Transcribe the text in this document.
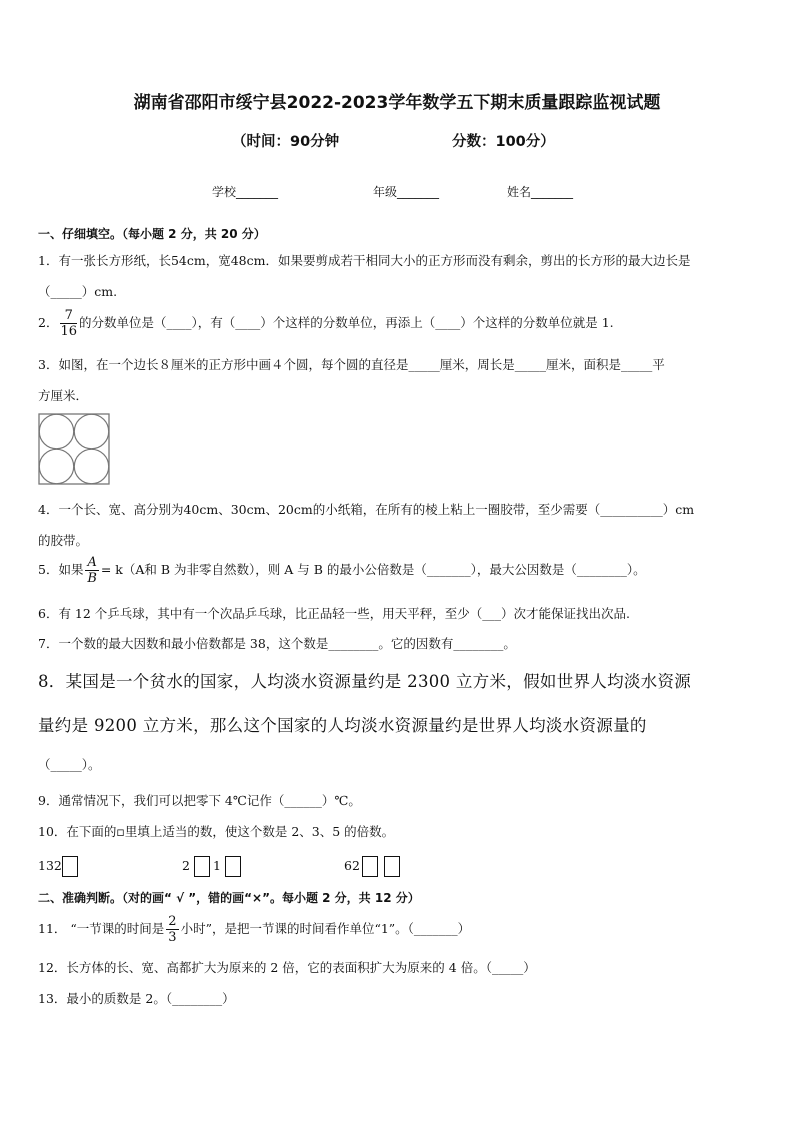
湖南省邵阳市绥宁县2022-2023学年数学五下期末质量跟踪监视试题
（时间：90分钟	分数：100分）
学校_______	年级_______	姓名_______
一、仔细填空。（每小题 2 分，共 20 分）
1．有一张长方形纸，长54cm，宽48cm．如果要剪成若干相同大小的正方形而没有剩余，剪出的长方形的最大边长是
（_____）cm.
2． $\frac{7}{16}$ 的分数单位是（____），有（____）个这样的分数单位，再添上（____）个这样的分数单位就是 1.
3．如图，在一个边长８厘米的正方形中画４个圆，每个圆的直径是_____厘米，周长是_____厘米，面积是_____平
方厘米．
4．一个长、宽、高分别为40cm、30cm、20cm的小纸箱，在所有的棱上粘上一圈胶带，至少需要（__________）cm
的胶带。
5．如果 $\frac{A}{B} = k(A$和 B 为非零自然数），则 A 与 B 的最小公倍数是（_______），最大公因数是（________）。
6．有 12 个乒乓球，其中有一个次品乒乓球，比正品轻一些，用天平秤，至少（___）次才能保证找出次品.
7．一个数的最大因数和最小倍数都是 38，这个数是________。它的因数有________。
8．某国是一个贫水的国家，人均淡水资源量约是 2300 立方米，假如世界人均淡水资源
量约是 9200 立方米，那么这个国家的人均淡水资源量约是世界人均淡水资源量的
（_____）。
9．通常情况下，我们可以把零下 4℃记作（______）℃。
10．在下面的▫里填上适当的数，使这个数是 2、3、5 的倍数。
132	2 1	62
二、准确判断。（对的画“ √ ”，错的画“×”。每小题 2 分，共 12 分）
11． “一节课的时间是 $\frac{2}{3}$ 小时”，是把一节课的时间看作单位“1”。（_______）
12．长方体的长、宽、高都扩大为原来的 2 倍，它的表面积扩大为原来的 4 倍。（_____）
13．最小的质数是 2。（________）
